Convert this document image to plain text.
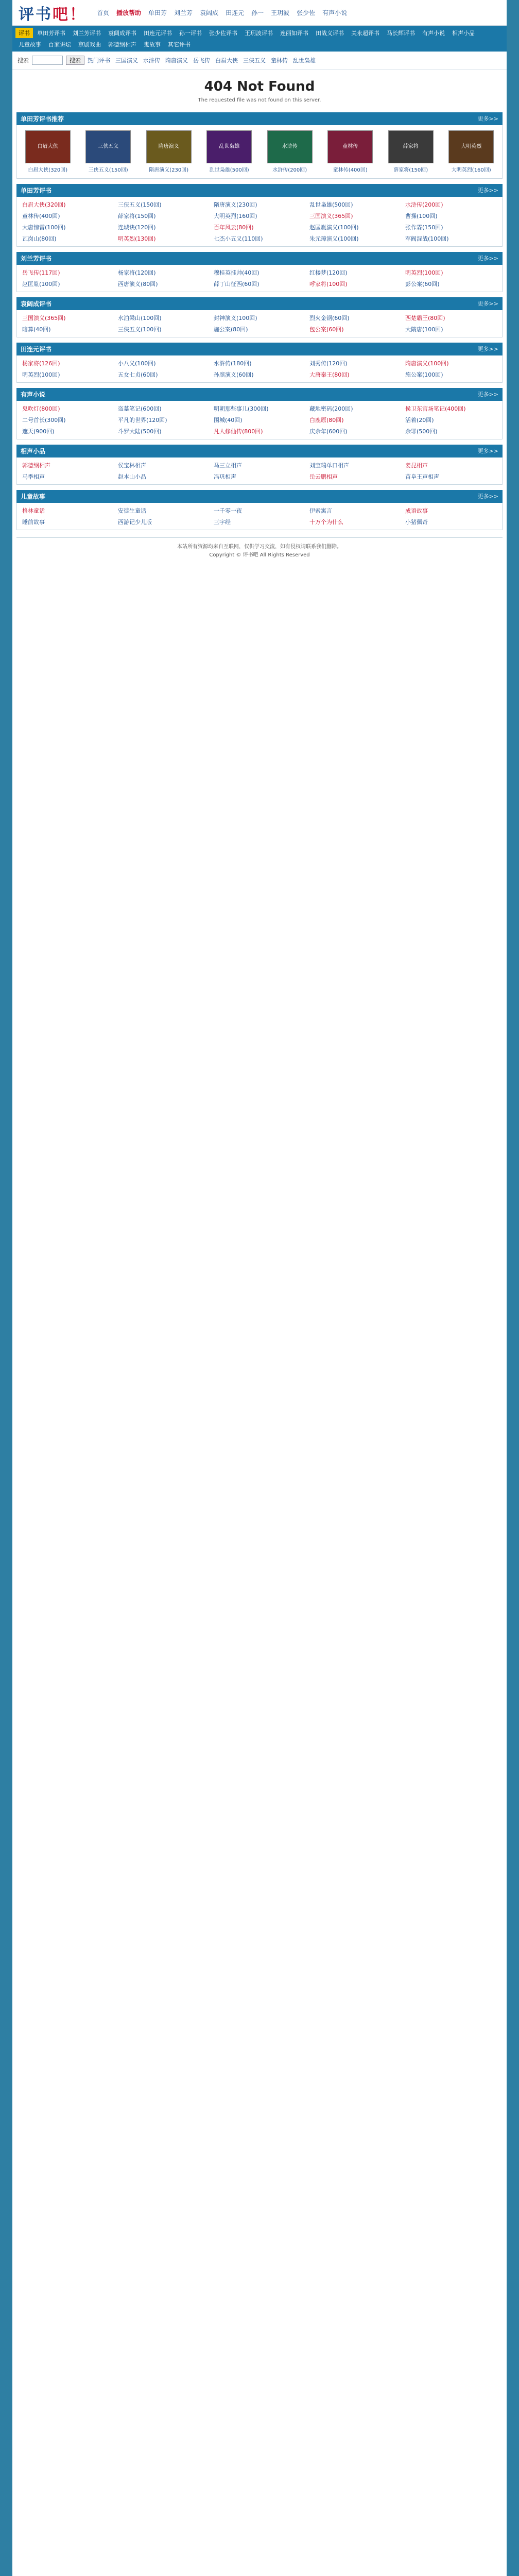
评书吧！ 首页 播放帮助 单田芳 刘兰芳 袁阔成 田连元 孙一 王玥波 张少佐 有声小说
评书	单田芳评书	刘兰芳评书	袁阔成评书	田连元评书	孙一评书	张少佐评书	王玥波评书	连丽如评书	田战义评书	关永超评书	马长辉评书	有声小说	相声小品
儿童故事	百家讲坛	京剧戏曲	郭德纲相声	鬼故事	其它评书
搜索	搜索	热门评书 三国演义 水浒传 隋唐演义 岳飞传 白眉大侠 三侠五义 童林传 乱世枭雄
404 Not Found

The requested file was not found on this server.

单田芳评书推荐	更多>>
白眉大侠
白眉大侠(320回)
三侠五义
三侠五义(150回)
隋唐演义
隋唐演义(230回)
乱世枭雄
乱世枭雄(500回)
水浒传
水浒传(200回)
童林传
童林传(400回)
薛家将
薛家将(150回)
大明英烈
大明英烈(160回)
单田芳评书	更多>>
白眉大侠(320回)	三侠五义(150回)	隋唐演义(230回)	乱世枭雄(500回)	水浒传(200回)
童林传(400回)	薛家将(150回)	大明英烈(160回)	三国演义(365回)	曹操(100回)
大唐惊雷(100回)	连城诀(120回)	百年风云(80回)	赵匡胤演义(100回)	张作霖(150回)
瓦岗山(80回)	明英烈(130回)	七杰小五义(110回)	朱元璋演义(100回)	军阀混战(100回)
刘兰芳评书	更多>>
岳飞传(117回)	杨家将(120回)	穆桂英挂帅(40回)	红楼梦(120回)	明英烈(100回)
赵匡胤(100回)	西唐演义(80回)	薛丁山征西(60回)	呼家将(100回)	彭公案(60回)
袁阔成评书	更多>>
三国演义(365回)	水泊梁山(100回)	封神演义(100回)	烈火金钢(60回)	西楚霸王(80回)
暗算(40回)	三侠五义(100回)	施公案(80回)	包公案(60回)	大隋唐(100回)
田连元评书	更多>>
杨家将(126回)	小八义(100回)	水浒传(180回)	刘秀传(120回)	隋唐演义(100回)
明英烈(100回)	五女七贞(60回)	孙膑演义(60回)	大唐秦王(80回)	施公案(100回)
有声小说	更多>>
鬼吹灯(800回)	盗墓笔记(600回)	明朝那些事儿(300回)	藏地密码(200回)	侯卫东官场笔记(400回)
二号首长(300回)	平凡的世界(120回)	围城(40回)	白鹿原(80回)	活着(20回)
遮天(900回)	斗罗大陆(500回)	凡人修仙传(800回)	庆余年(600回)	余罪(500回)
相声小品	更多>>
郭德纲相声	侯宝林相声	马三立相声	刘宝瑞单口相声	姜昆相声
马季相声	赵本山小品	冯巩相声	岳云鹏相声	苗阜王声相声
儿童故事	更多>>
格林童话	安徒生童话	一千零一夜	伊索寓言	成语故事
睡前故事	西游记少儿版	三字经	十万个为什么	小猪佩奇
本站所有资源均来自互联网，仅供学习交流，如有侵权请联系我们删除。
Copyright © 评书吧 All Rights Reserved
